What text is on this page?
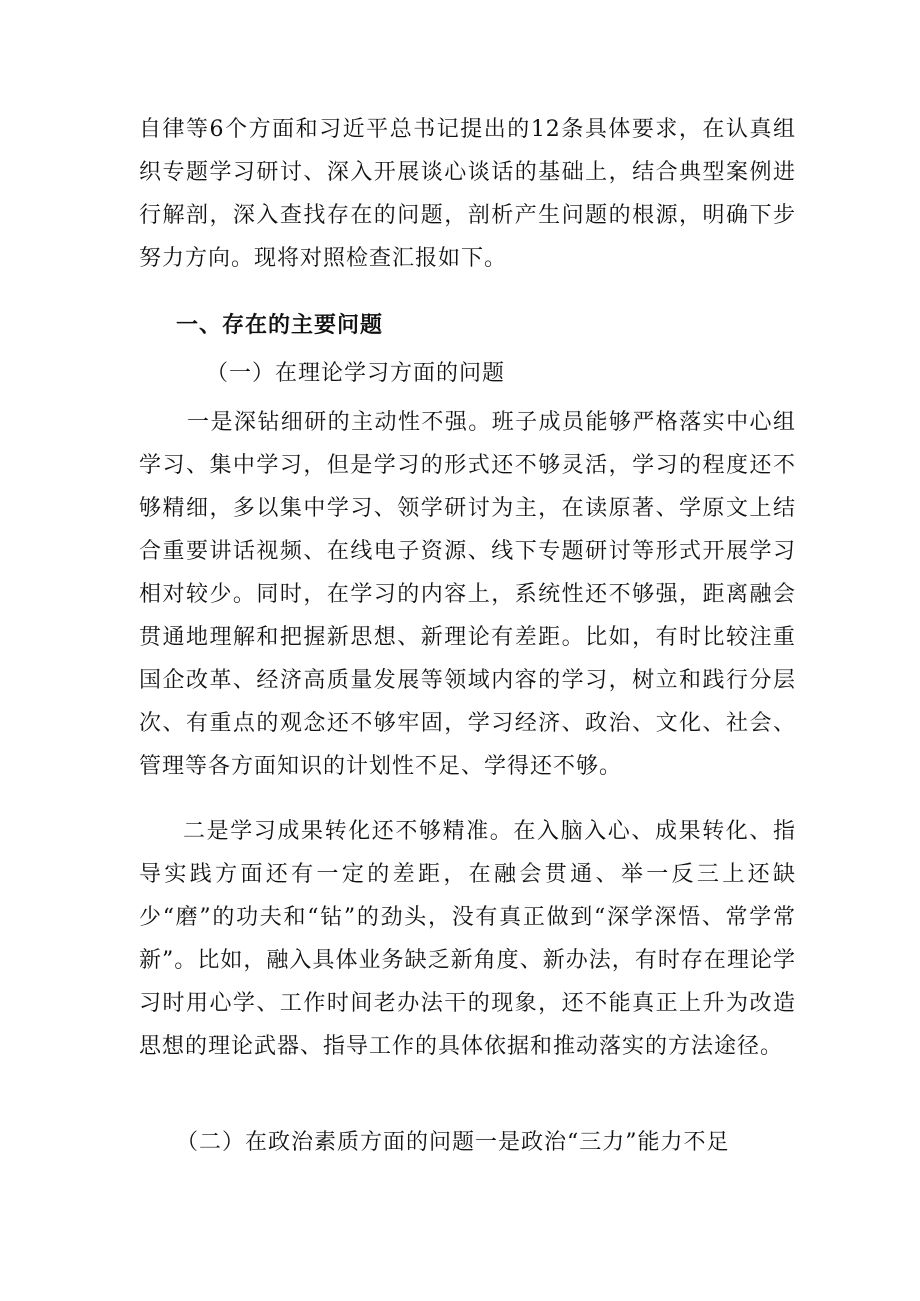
自律等6个方面和习近平总书记提出的12条具体要求，在认真组织专题学习研讨、深入开展谈心谈话的基础上，结合典型案例进行解剖，深入查找存在的问题，剖析产生问题的根源，明确下步努力方向。现将对照检查汇报如下。
一、存在的主要问题
（一）在理论学习方面的问题
一是深钻细研的主动性不强。班子成员能够严格落实中心组学习、集中学习，但是学习的形式还不够灵活，学习的程度还不够精细，多以集中学习、领学研讨为主，在读原著、学原文上结合重要讲话视频、在线电子资源、线下专题研讨等形式开展学习相对较少。同时，在学习的内容上，系统性还不够强，距离融会贯通地理解和把握新思想、新理论有差距。比如，有时比较注重国企改革、经济高质量发展等领域内容的学习，树立和践行分层次、有重点的观念还不够牢固，学习经济、政治、文化、社会、管理等各方面知识的计划性不足、学得还不够。
二是学习成果转化还不够精准。在入脑入心、成果转化、指导实践方面还有一定的差距，在融会贯通、举一反三上还缺少“磨”的功夫和“钻”的劲头，没有真正做到“深学深悟、常学常新”。比如，融入具体业务缺乏新角度、新办法，有时存在理论学习时用心学、工作时间老办法干的现象，还不能真正上升为改造思想的理论武器、指导工作的具体依据和推动落实的方法途径。
（二）在政治素质方面的问题一是政治“三力”能力不足
